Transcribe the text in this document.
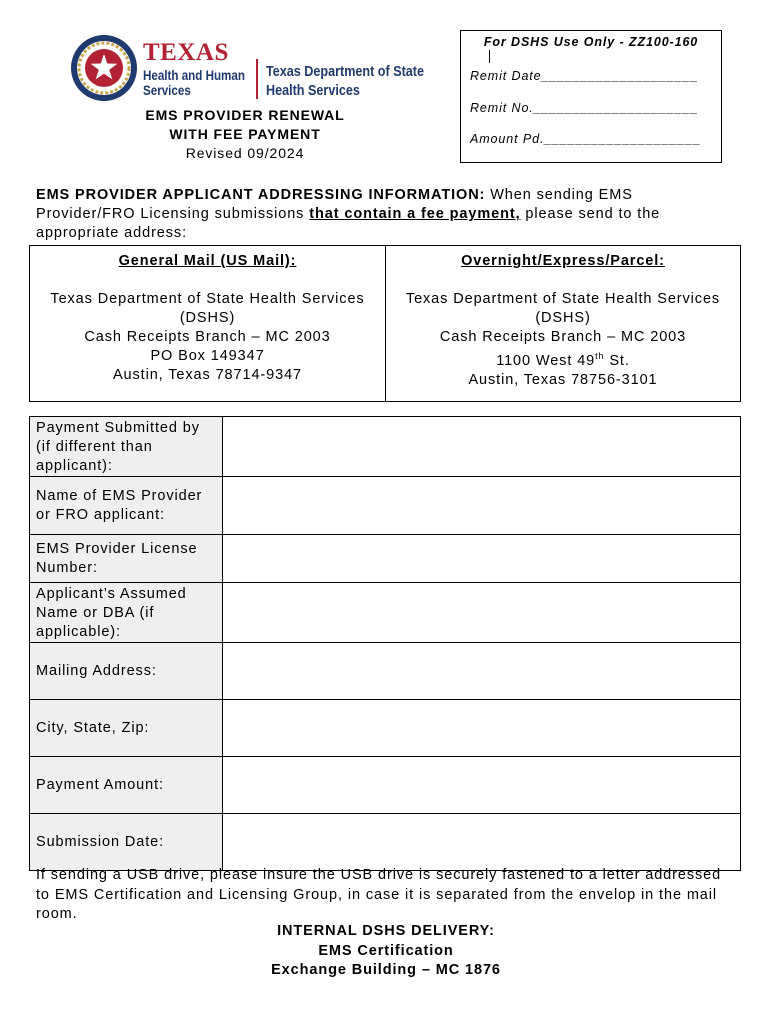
TEXAS
Health and Human
Services
Texas Department of State
Health Services
EMS PROVIDER RENEWAL
WITH FEE PAYMENT
Revised 09/2024
For DSHS Use Only - ZZ100-160
Remit Date____________________
Remit No._____________________
Amount Pd.____________________
EMS PROVIDER APPLICANT ADDRESSING INFORMATION: When sending EMS Provider/FRO Licensing submissions that contain a fee payment, please send to the appropriate address:
General Mail (US Mail):
Texas Department of State Health Services
(DSHS)
Cash Receipts Branch – MC 2003
PO Box 149347
Austin, Texas 78714-9347
Overnight/Express/Parcel:
Texas Department of State Health Services
(DSHS)
Cash Receipts Branch – MC 2003
1100 West 49th St.
Austin, Texas 78756-3101
Payment Submitted by (if different than applicant):	
Name of EMS Provider or FRO applicant:	
EMS Provider License Number:	
Applicant’s Assumed Name or DBA (if applicable):	
Mailing Address:	
City, State, Zip:	
Payment Amount:	
Submission Date:	
If sending a USB drive, please insure the USB drive is securely fastened to a letter addressed to EMS Certification and Licensing Group, in case it is separated from the envelop in the mail room.
INTERNAL DSHS DELIVERY:
EMS Certification
Exchange Building – MC 1876
